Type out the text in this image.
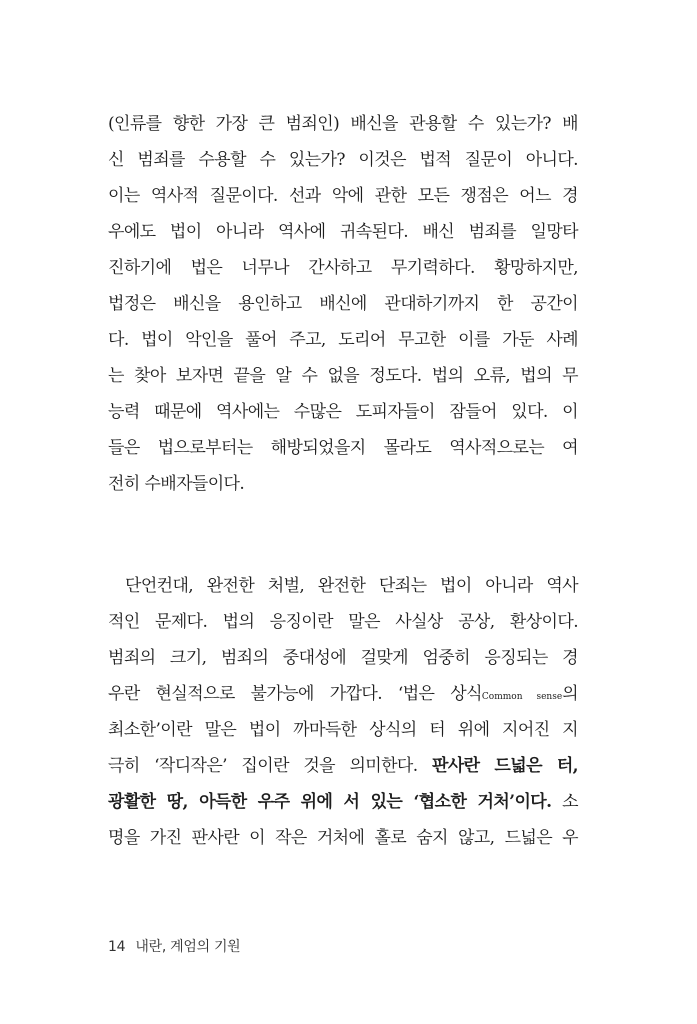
(인류를 향한 가장 큰 범죄인) 배신을 관용할 수 있는가? 배
신 범죄를 수용할 수 있는가? 이것은 법적 질문이 아니다.
이는 역사적 질문이다. 선과 악에 관한 모든 쟁점은 어느 경
우에도 법이 아니라 역사에 귀속된다. 배신 범죄를 일망타
진하기에 법은 너무나 간사하고 무기력하다. 황망하지만,
법정은 배신을 용인하고 배신에 관대하기까지 한 공간이
다. 법이 악인을 풀어 주고, 도리어 무고한 이를 가둔 사례
는 찾아 보자면 끝을 알 수 없을 정도다. 법의 오류, 법의 무
능력 때문에 역사에는 수많은 도피자들이 잠들어 있다. 이
들은 법으로부터는 해방되었을지 몰라도 역사적으로는 여
전히 수배자들이다.
단언컨대, 완전한 처벌, 완전한 단죄는 법이 아니라 역사
적인 문제다. 법의 응징이란 말은 사실상 공상, 환상이다.
범죄의 크기, 범죄의 중대성에 걸맞게 엄중히 응징되는 경
우란 현실적으로 불가능에 가깝다. ‘법은 상식Common sense의
최소한’이란 말은 법이 까마득한 상식의 터 위에 지어진 지
극히 ‘작디작은’ 집이란 것을 의미한다. 판사란 드넓은 터,
광활한 땅, 아득한 우주 위에 서 있는 ‘협소한 거처’이다. 소
명을 가진 판사란 이 작은 거처에 홀로 숨지 않고, 드넓은 우
14 내란, 계엄의 기원
